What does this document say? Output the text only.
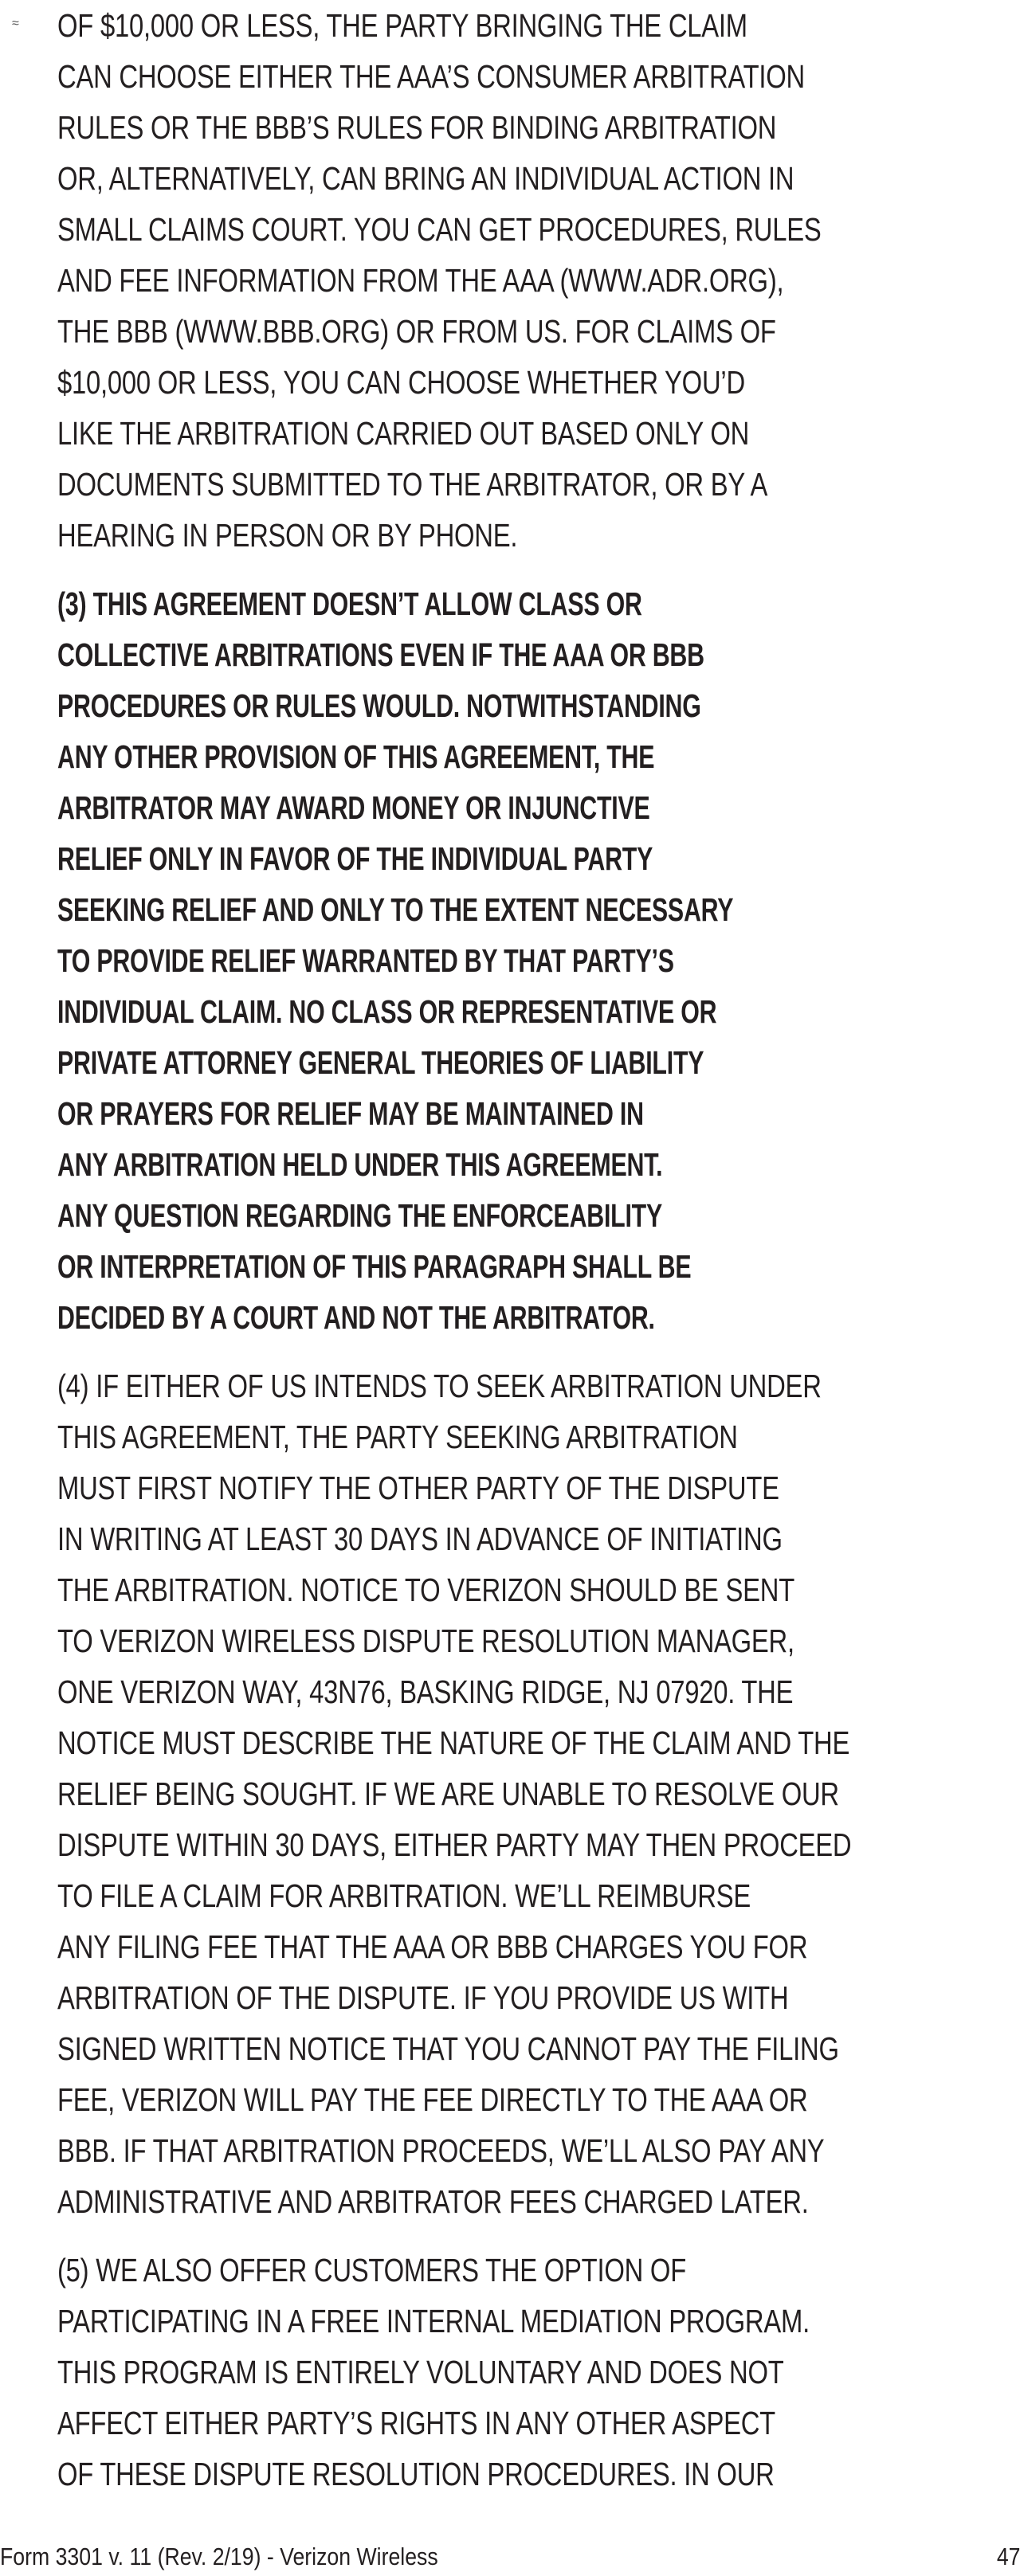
≈ OF $10,000 OR LESS, THE PARTY BRINGING THE CLAIM

CAN CHOOSE EITHER THE AAA’S CONSUMER ARBITRATION

RULES OR THE BBB’S RULES FOR BINDING ARBITRATION

OR, ALTERNATIVELY, CAN BRING AN INDIVIDUAL ACTION IN

SMALL CLAIMS COURT. YOU CAN GET PROCEDURES, RULES

AND FEE INFORMATION FROM THE AAA (WWW.ADR.ORG),

THE BBB (WWW.BBB.ORG) OR FROM US. FOR CLAIMS OF

$10,000 OR LESS, YOU CAN CHOOSE WHETHER YOU’D

LIKE THE ARBITRATION CARRIED OUT BASED ONLY ON

DOCUMENTS SUBMITTED TO THE ARBITRATOR, OR BY A

HEARING IN PERSON OR BY PHONE.

(3) THIS AGREEMENT DOESN’T ALLOW CLASS OR

COLLECTIVE ARBITRATIONS EVEN IF THE AAA OR BBB

PROCEDURES OR RULES WOULD. NOTWITHSTANDING

ANY OTHER PROVISION OF THIS AGREEMENT, THE

ARBITRATOR MAY AWARD MONEY OR INJUNCTIVE

RELIEF ONLY IN FAVOR OF THE INDIVIDUAL PARTY

SEEKING RELIEF AND ONLY TO THE EXTENT NECESSARY

TO PROVIDE RELIEF WARRANTED BY THAT PARTY’S

INDIVIDUAL CLAIM. NO CLASS OR REPRESENTATIVE OR

PRIVATE ATTORNEY GENERAL THEORIES OF LIABILITY

OR PRAYERS FOR RELIEF MAY BE MAINTAINED IN

ANY ARBITRATION HELD UNDER THIS AGREEMENT.

ANY QUESTION REGARDING THE ENFORCEABILITY

OR INTERPRETATION OF THIS PARAGRAPH SHALL BE

DECIDED BY A COURT AND NOT THE ARBITRATOR.

(4) IF EITHER OF US INTENDS TO SEEK ARBITRATION UNDER

THIS AGREEMENT, THE PARTY SEEKING ARBITRATION

MUST FIRST NOTIFY THE OTHER PARTY OF THE DISPUTE

IN WRITING AT LEAST 30 DAYS IN ADVANCE OF INITIATING

THE ARBITRATION. NOTICE TO VERIZON SHOULD BE SENT

TO VERIZON WIRELESS DISPUTE RESOLUTION MANAGER,

ONE VERIZON WAY, 43N76, BASKING RIDGE, NJ 07920. THE

NOTICE MUST DESCRIBE THE NATURE OF THE CLAIM AND THE

RELIEF BEING SOUGHT. IF WE ARE UNABLE TO RESOLVE OUR

DISPUTE WITHIN 30 DAYS, EITHER PARTY MAY THEN PROCEED

TO FILE A CLAIM FOR ARBITRATION. WE’LL REIMBURSE

ANY FILING FEE THAT THE AAA OR BBB CHARGES YOU FOR

ARBITRATION OF THE DISPUTE. IF YOU PROVIDE US WITH

SIGNED WRITTEN NOTICE THAT YOU CANNOT PAY THE FILING

FEE, VERIZON WILL PAY THE FEE DIRECTLY TO THE AAA OR

BBB. IF THAT ARBITRATION PROCEEDS, WE’LL ALSO PAY ANY

ADMINISTRATIVE AND ARBITRATOR FEES CHARGED LATER.

(5) WE ALSO OFFER CUSTOMERS THE OPTION OF

PARTICIPATING IN A FREE INTERNAL MEDIATION PROGRAM.

THIS PROGRAM IS ENTIRELY VOLUNTARY AND DOES NOT

AFFECT EITHER PARTY’S RIGHTS IN ANY OTHER ASPECT

OF THESE DISPUTE RESOLUTION PROCEDURES. IN OUR

Form 3301 v. 11 (Rev. 2/19) - Verizon Wireless	47
